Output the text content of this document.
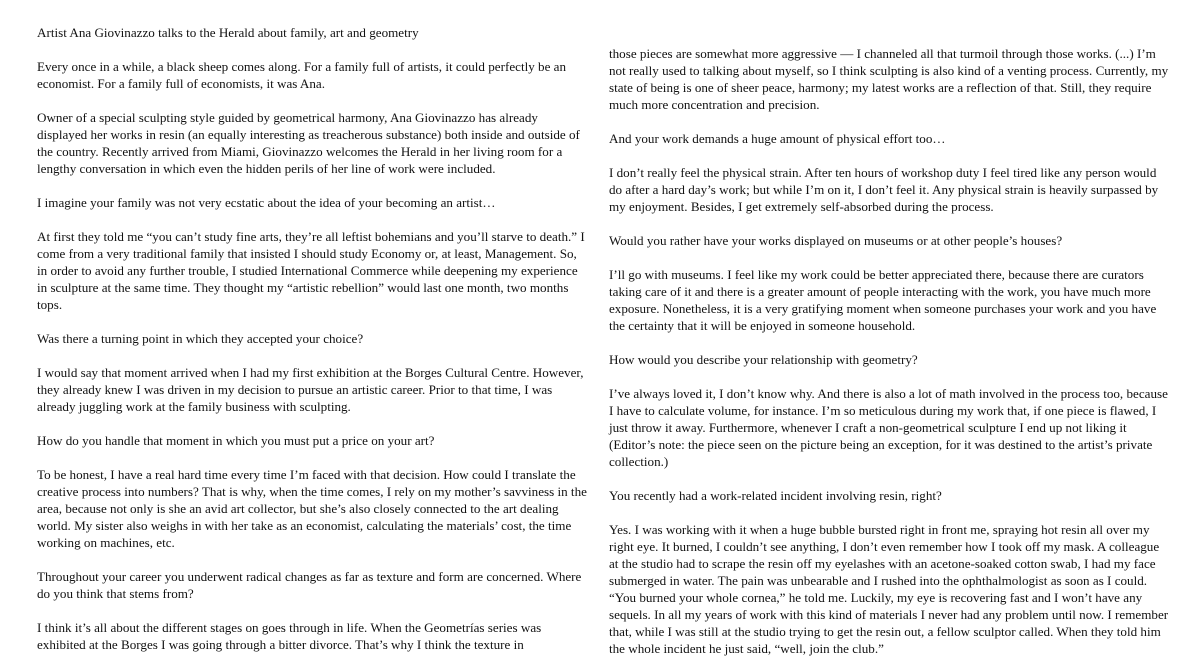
Artist Ana Giovinazzo talks to the Herald about family, art and geometry

Every once in a while, a black sheep comes along. For a family full of artists, it could perfectly be an economist. For a family full of economists, it was Ana.

Owner of a special sculpting style guided by geometrical harmony, Ana Giovinazzo has already displayed her works in resin (an equally interesting as treacherous substance) both inside and outside of the country. Recently arrived from Miami, Giovinazzo welcomes the Herald in her living room for a lengthy conversation in which even the hidden perils of her line of work were included.

I imagine your family was not very ecstatic about the idea of your becoming an artist…

At first they told me “you can’t study fine arts, they’re all leftist bohemians and you’ll starve to death.” I come from a very traditional family that insisted I should study Economy or, at least, Management. So, in order to avoid any further trouble, I studied International Commerce while deepening my experience in sculpture at the same time. They thought my “artistic rebellion” would last one month, two months tops.

Was there a turning point in which they accepted your choice?

I would say that moment arrived when I had my first exhibition at the Borges Cultural Centre. However, they already knew I was driven in my decision to pursue an artistic career. Prior to that time, I was already juggling work at the family business with sculpting.

How do you handle that moment in which you must put a price on your art?

To be honest, I have a real hard time every time I’m faced with that decision. How could I translate the creative process into numbers? That is why, when the time comes, I rely on my mother’s savviness in the area, because not only is she an avid art collector, but she’s also closely connected to the art dealing world. My sister also weighs in with her take as an economist, calculating the materials’ cost, the time working on machines, etc.

Throughout your career you underwent radical changes as far as texture and form are concerned. Where do you think that stems from?

I think it’s all about the different stages on goes through in life. When the Geometrías series was exhibited at the Borges I was going through a bitter divorce. That’s why I think the texture in

those pieces are somewhat more aggressive — I channeled all that turmoil through those works. (...) I’m not really used to talking about myself, so I think sculpting is also kind of a venting process. Currently, my state of being is one of sheer peace, harmony; my latest works are a reflection of that. Still, they require much more concentration and precision.

And your work demands a huge amount of physical effort too…

I don’t really feel the physical strain. After ten hours of workshop duty I feel tired like any person would do after a hard day’s work; but while I’m on it, I don’t feel it. Any physical strain is heavily surpassed by my enjoyment. Besides, I get extremely self-absorbed during the process.

Would you rather have your works displayed on museums or at other people’s houses?

I’ll go with museums. I feel like my work could be better appreciated there, because there are curators taking care of it and there is a greater amount of people interacting with the work, you have much more exposure. Nonetheless, it is a very gratifying moment when someone purchases your work and you have the certainty that it will be enjoyed in someone household.

How would you describe your relationship with geometry?

I’ve always loved it, I don’t know why. And there is also a lot of math involved in the process too, because I have to calculate volume, for instance. I’m so meticulous during my work that, if one piece is flawed, I just throw it away. Furthermore, whenever I craft a non-geometrical sculpture I end up not liking it (Editor’s note: the piece seen on the picture being an exception, for it was destined to the artist’s private collection.)

You recently had a work-related incident involving resin, right?

Yes. I was working with it when a huge bubble bursted right in front me, spraying hot resin all over my right eye. It burned, I couldn’t see anything, I don’t even remember how I took off my mask. A colleague at the studio had to scrape the resin off my eyelashes with an acetone-soaked cotton swab, I had my face submerged in water. The pain was unbearable and I rushed into the ophthalmologist as soon as I could. “You burned your whole cornea,” he told me. Luckily, my eye is recovering fast and I won’t have any sequels. In all my years of work with this kind of materials I never had any problem until now. I remember that, while I was still at the studio trying to get the resin out, a fellow sculptor called. When they told him the whole incident he just said, “well, join the club.”
